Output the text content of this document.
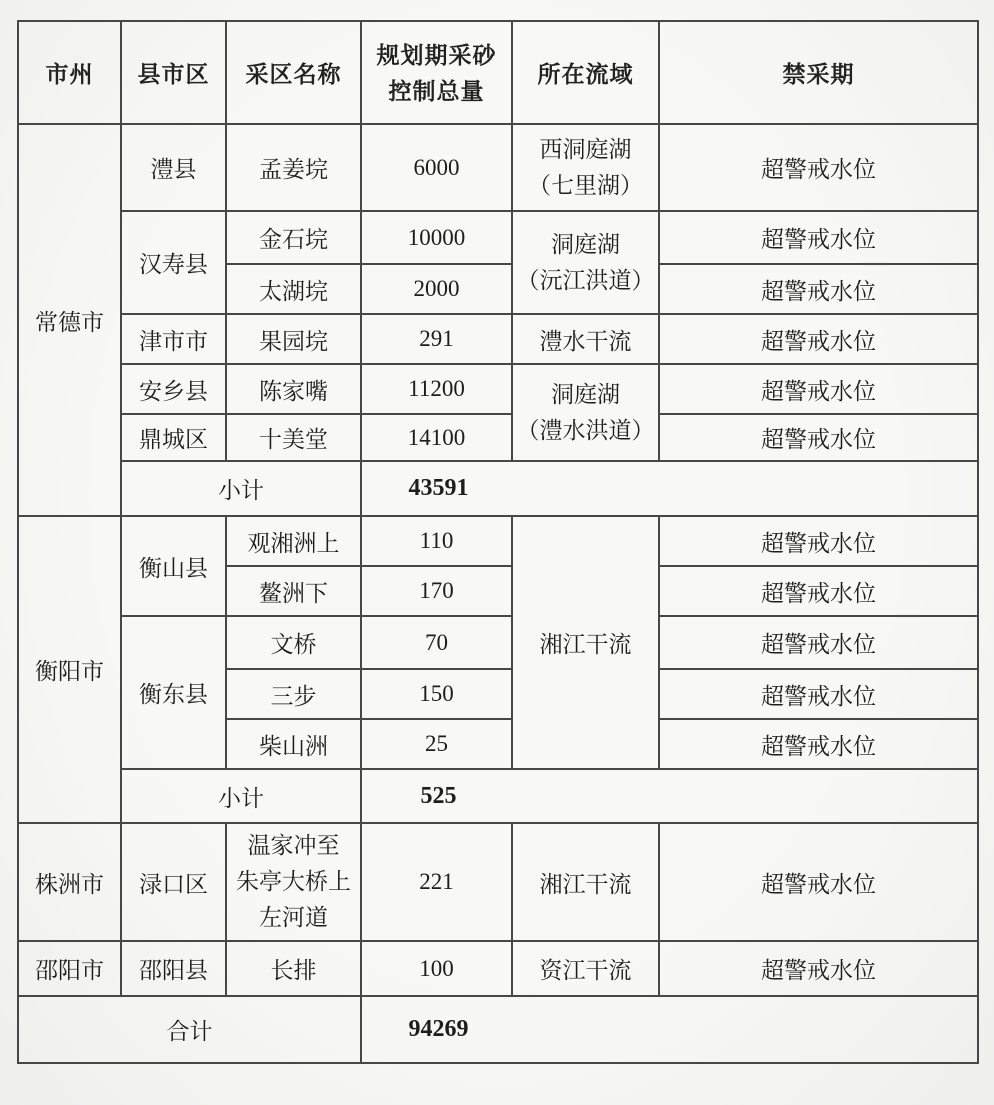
市州	县市区	采区名称	规划期采砂
控制总量	所在流域	禁采期
常德市	澧县	孟姜垸	6000	西洞庭湖
（七里湖）	超警戒水位
	汉寿县	金石垸	10000	洞庭湖
（沅江洪道）	超警戒水位
		太湖垸	2000		超警戒水位
	津市市	果园垸	291	澧水干流	超警戒水位
	安乡县	陈家嘴	11200	洞庭湖
（澧水洪道）	超警戒水位
	鼎城区	十美堂	14100		超警戒水位
	小计		43591		
衡阳市	衡山县	观湘洲上	110	湘江干流	超警戒水位
		鳌洲下	170		超警戒水位
	衡东县	文桥	70		超警戒水位
		三步	150		超警戒水位
		柴山洲	25		超警戒水位
	小计		525		
株洲市	渌口区	温家冲至
朱亭大桥上
左河道	221	湘江干流	超警戒水位
邵阳市	邵阳县	长排	100	资江干流	超警戒水位
合计			94269		
